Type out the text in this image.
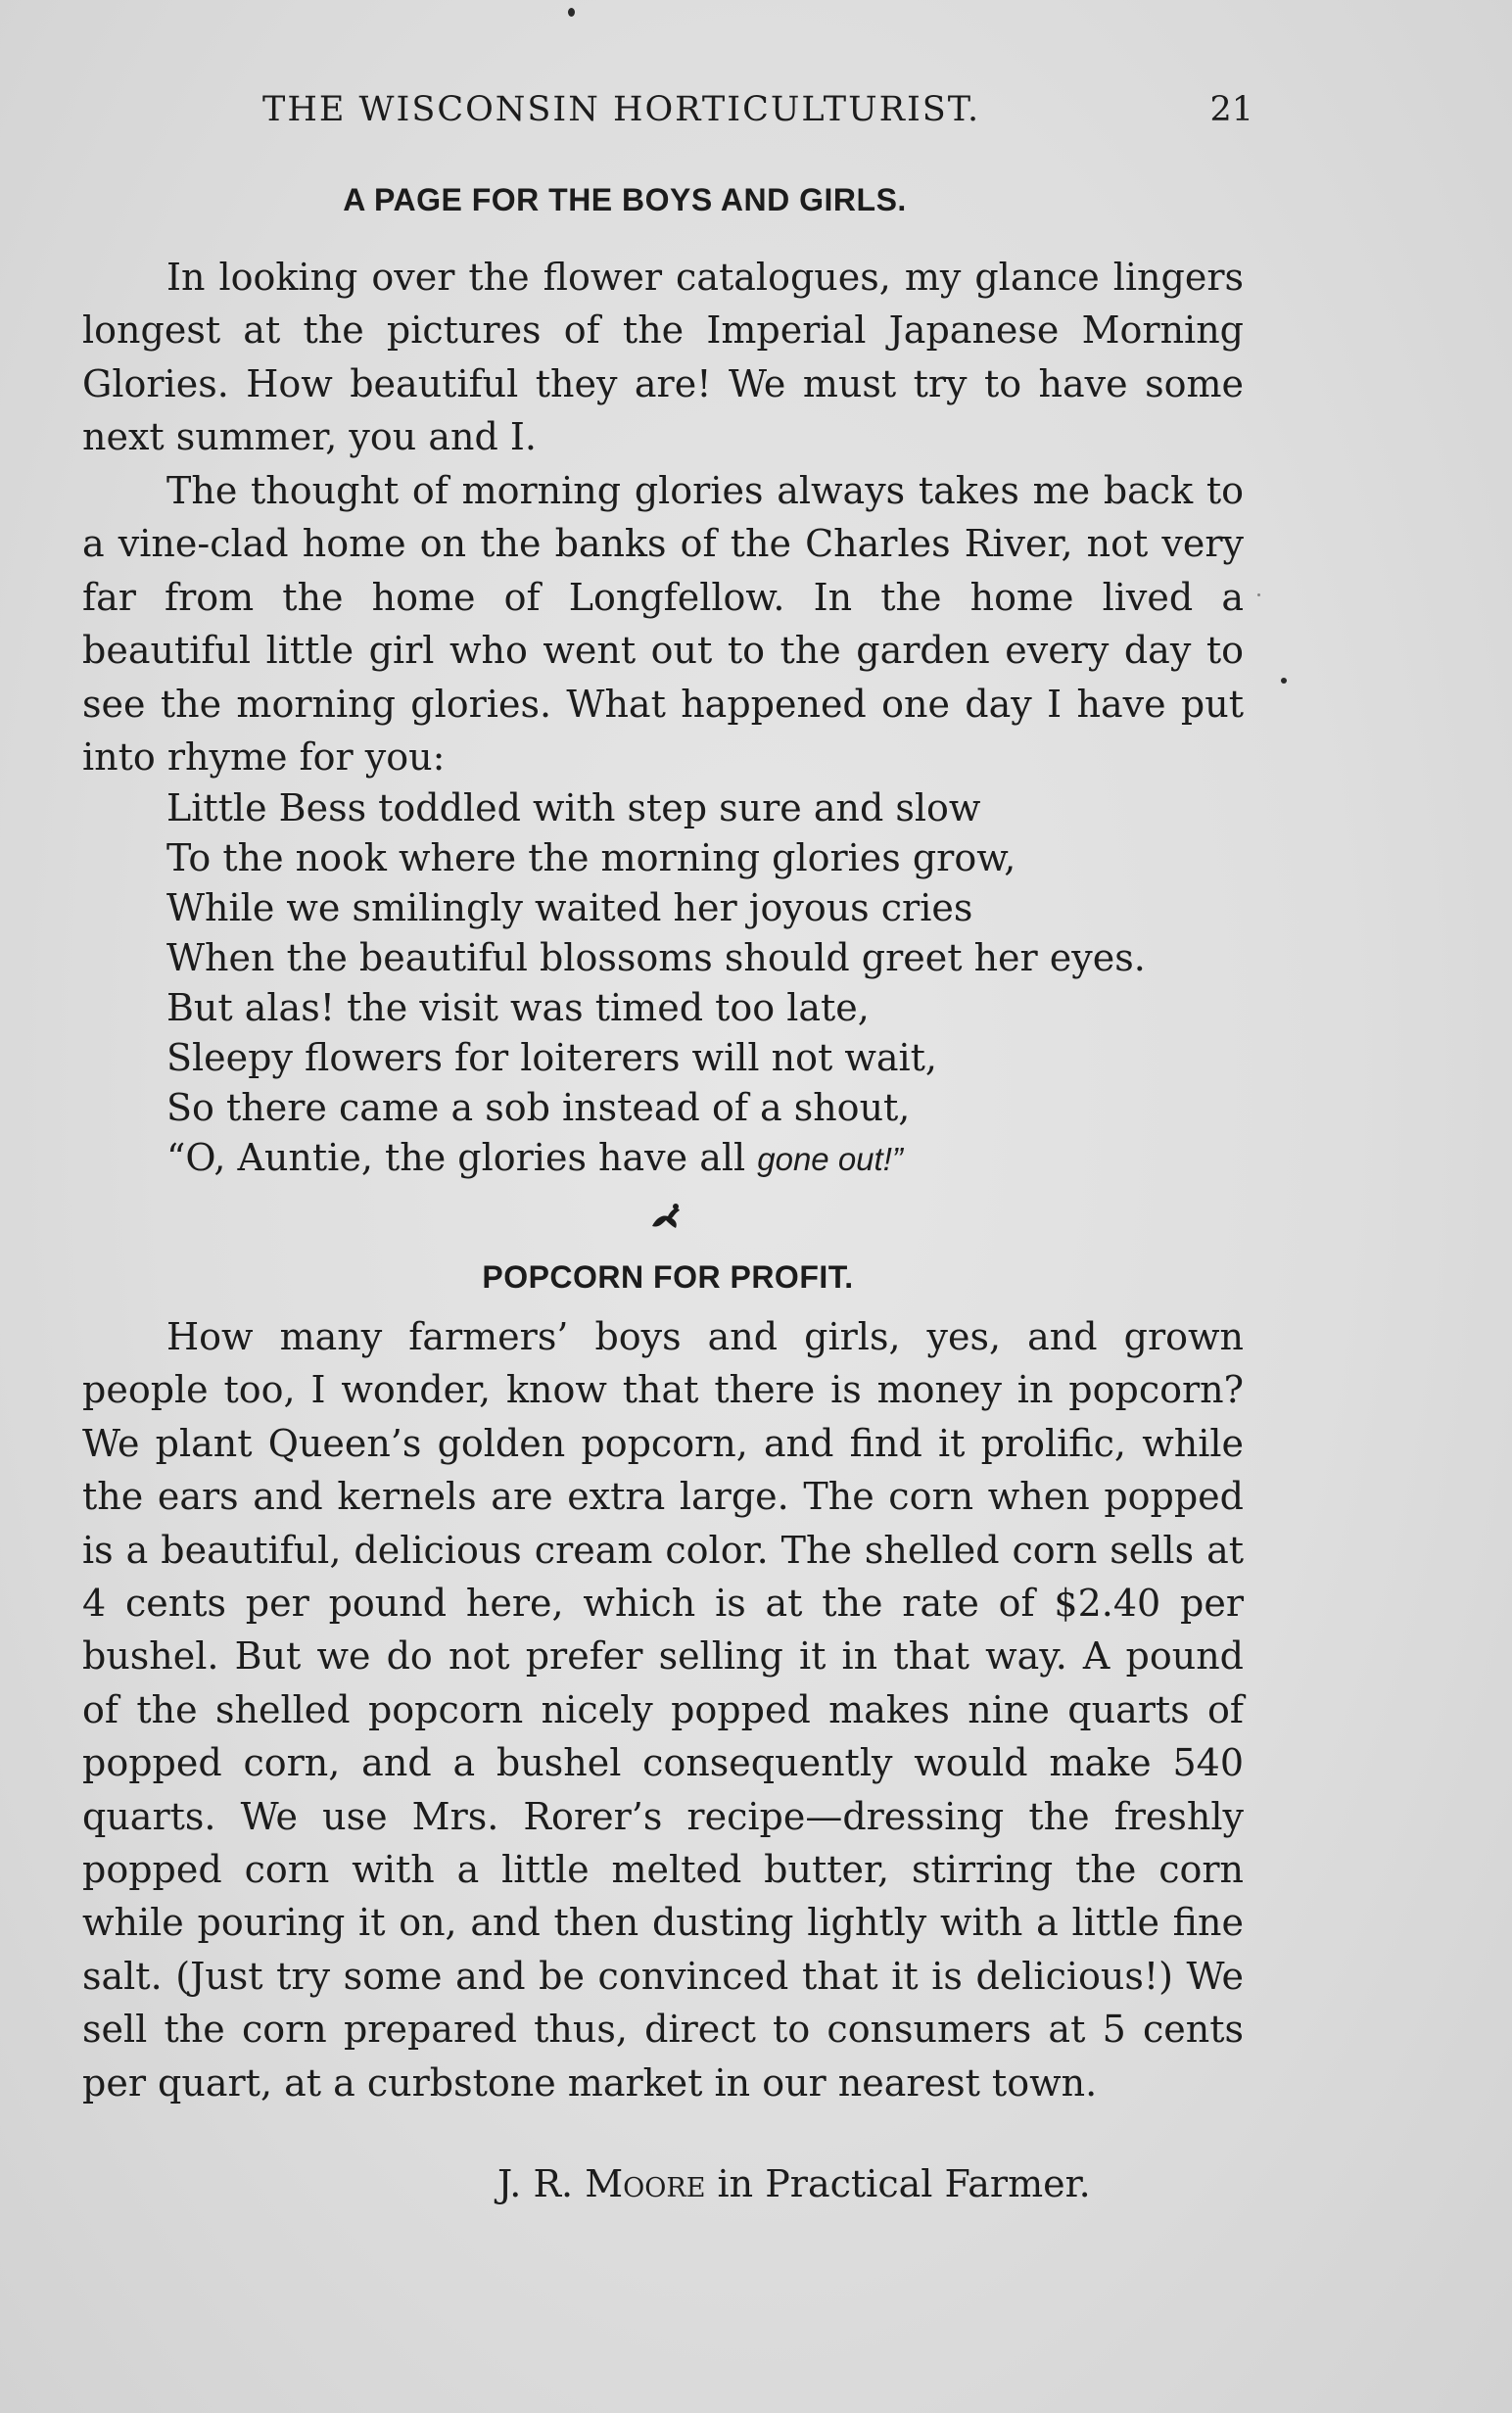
THE WISCONSIN HORTICULTURIST.	21
A PAGE FOR THE BOYS AND GIRLS.

In looking over the flower catalogues, my glance lingers longest at the pictures of the Imperial Japanese Morning Glories. How beautiful they are! We must try to have some next summer, you and I.

The thought of morning glories always takes me back to a vine-clad home on the banks of the Charles River, not very far from the home of Longfellow. In the home lived a beautiful little girl who went out to the garden every day to see the morning glories. What happened one day I have put into rhyme for you:

Little Bess toddled with step sure and slow
To the nook where the morning glories grow,
While we smilingly waited her joyous cries
When the beautiful blossoms should greet her eyes.
But alas! the visit was timed too late,
Sleepy flowers for loiterers will not wait,
So there came a sob instead of a shout,
“O, Auntie, the glories have all gone out!”
POPCORN FOR PROFIT.

How many farmers’ boys and girls, yes, and grown people too, I wonder, know that there is money in popcorn? We plant Queen’s golden popcorn, and find it prolific, while the ears and kernels are extra large. The corn when popped is a beautiful, delicious cream color. The shelled corn sells at 4 cents per pound here, which is at the rate of $2.40 per bushel. But we do not prefer selling it in that way. A pound of the shelled popcorn nicely popped makes nine quarts of popped corn, and a bushel consequently would make 540 quarts. We use Mrs. Rorer’s recipe—dressing the freshly popped corn with a little melted butter, stirring the corn while pouring it on, and then dusting lightly with a little fine salt. (Just try some and be convinced that it is delicious!) We sell the corn prepared thus, direct to consumers at 5 cents per quart, at a curbstone market in our nearest town.

J. R. Moore in Practical Farmer.
